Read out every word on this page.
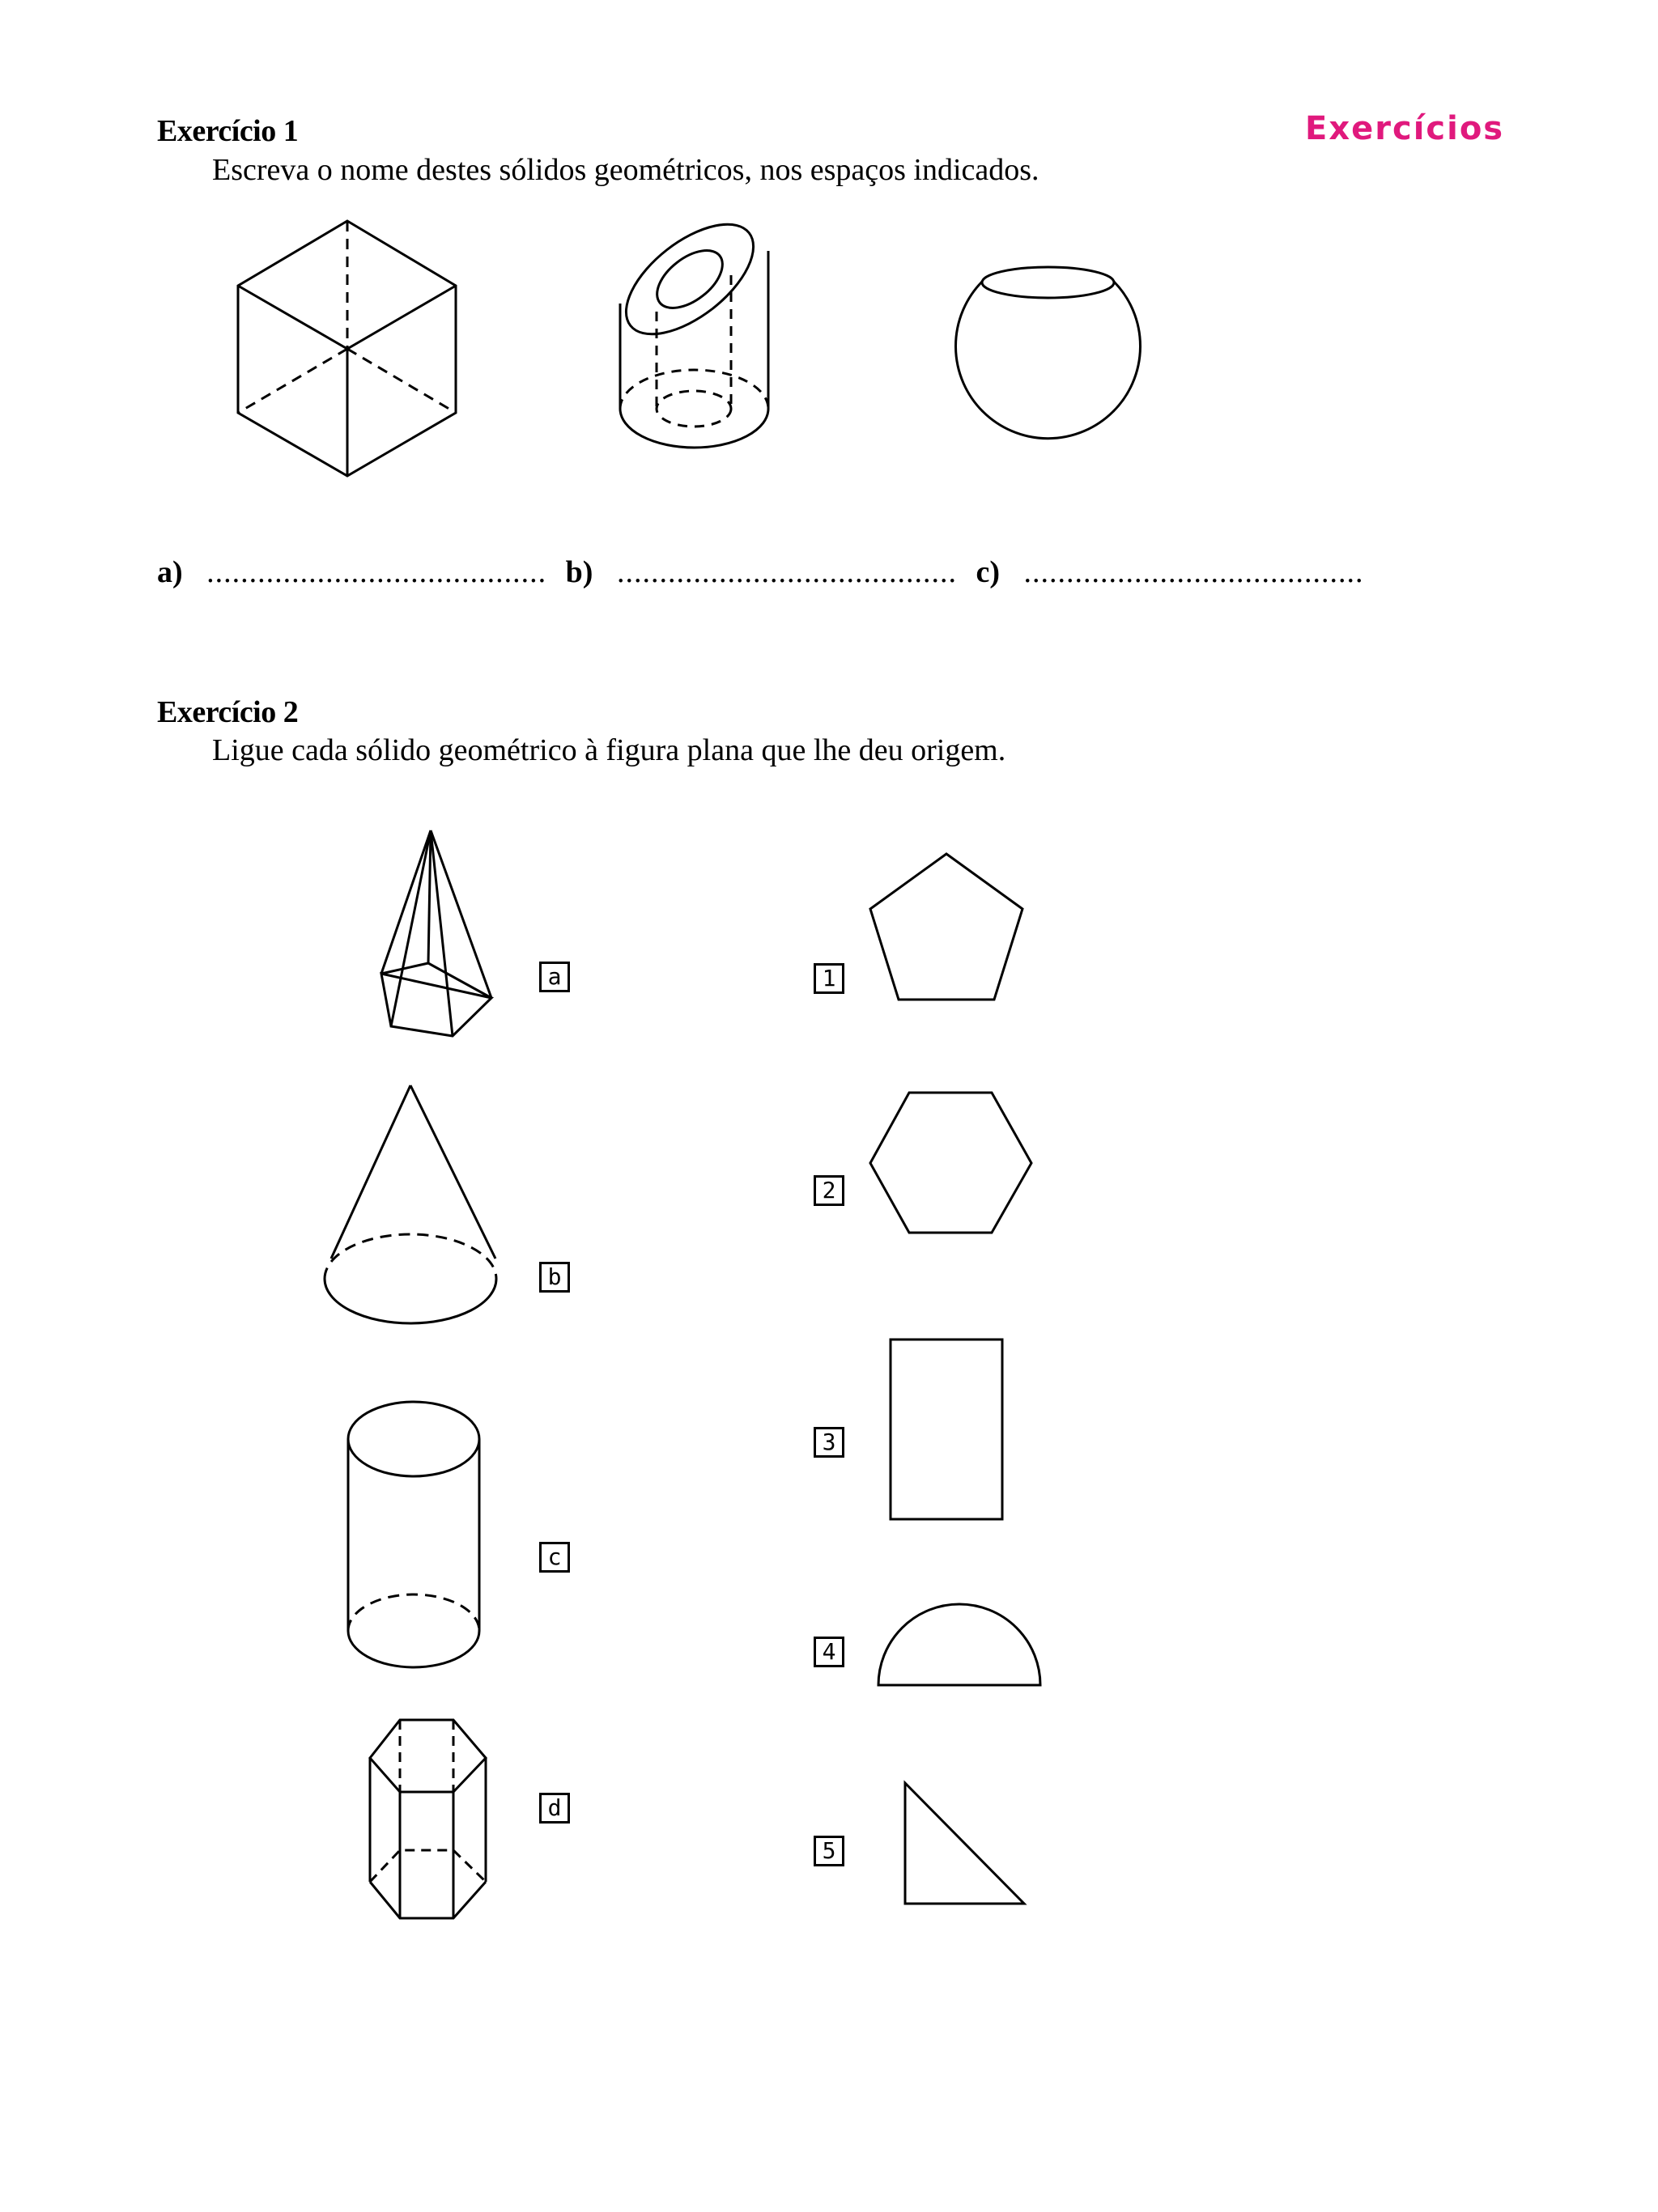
Exercício 1	Exercícios
Escreva o nome destes sólidos geométricos, nos espaços indicados.
a) ........................................ b) ........................................ c) ........................................
Exercício 2
Ligue cada sólido geométrico à figura plana que lhe deu origem.
a
b
c
d
1
2
3
4
5
